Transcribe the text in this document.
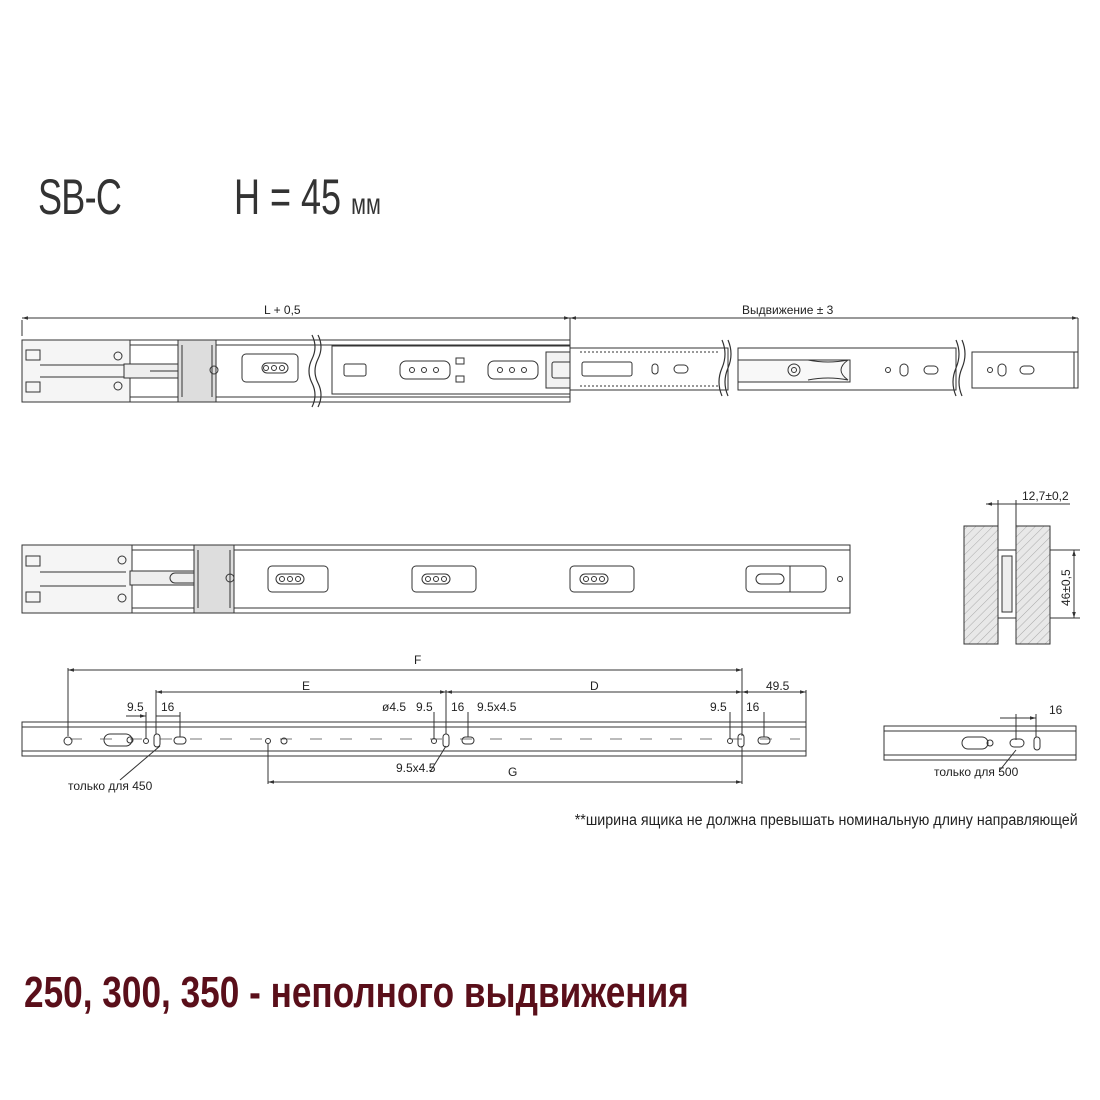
SB-C H = 45 мм
L + 0,5	Выдвижение ± 3
12,7±0,2
46±0,5
F
E	D	49.5
9.5 16	ø4.5 9.5 16 9.5x4.5
9.5x4.5
9.5 16
G
только для 450
16
только для 500
**ширина ящика не должна превышать номинальную длину направляющей
250, 300, 350 - неполного выдвижения
